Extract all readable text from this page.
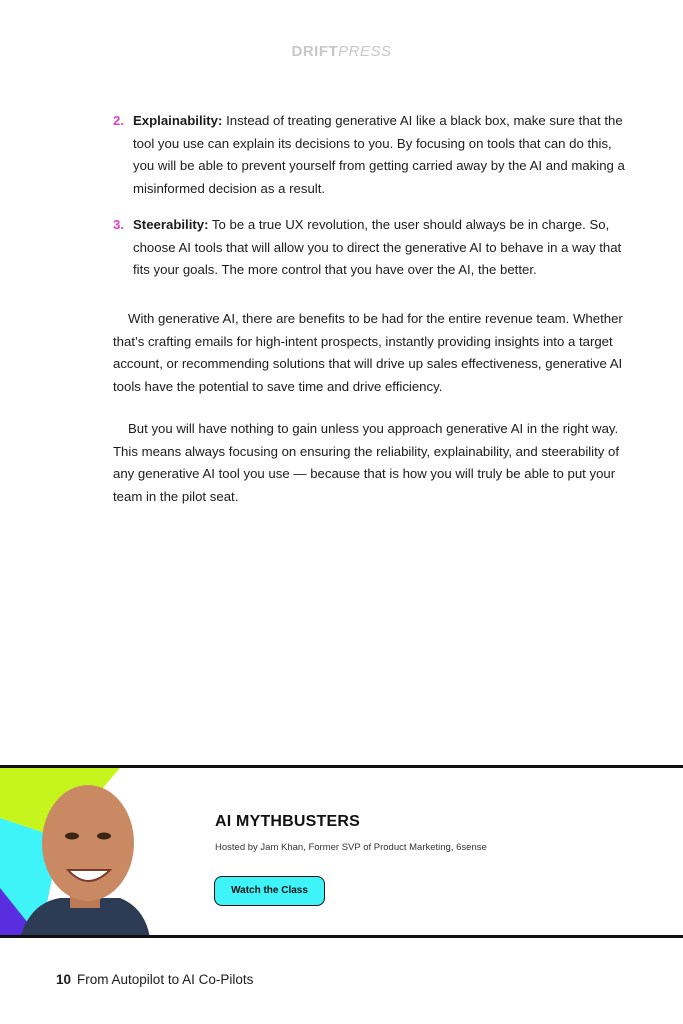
DRIFTPRESS
2. Explainability: Instead of treating generative AI like a black box, make sure that the tool you use can explain its decisions to you. By focusing on tools that can do this, you will be able to prevent yourself from getting carried away by the AI and making a misinformed decision as a result.
3. Steerability: To be a true UX revolution, the user should always be in charge. So, choose AI tools that will allow you to direct the generative AI to behave in a way that fits your goals. The more control that you have over the AI, the better.

With generative AI, there are benefits to be had for the entire revenue team. Whether that’s crafting emails for high-intent prospects, instantly providing insights into a target account, or recommending solutions that will drive up sales effectiveness, generative AI tools have the potential to save time and drive efficiency.

But you will have nothing to gain unless you approach generative AI in the right way. This means always focusing on ensuring the reliability, explainability, and steerability of any generative AI tool you use — because that is how you will truly be able to put your team in the pilot seat.

AI MYTHBUSTERS
Hosted by Jam Khan, Former SVP of Product Marketing, 6sense
Watch the Class
10 From Autopilot to AI Co-Pilots
